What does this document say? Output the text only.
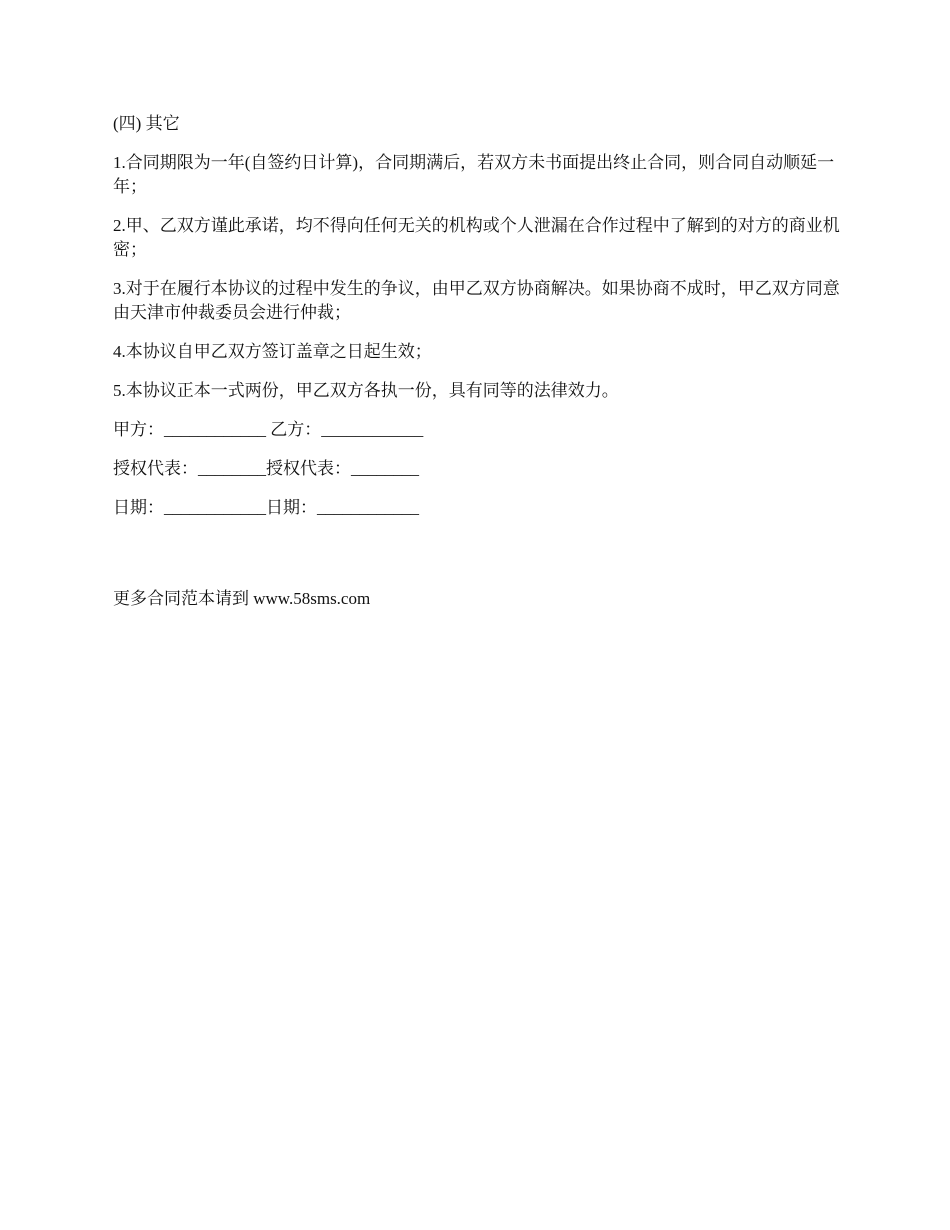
(四) 其它

1.合同期限为一年(自签约日计算)，合同期满后，若双方未书面提出终止合同，则合同自动顺延一年；

2.甲、乙双方谨此承诺，均不得向任何无关的机构或个人泄漏在合作过程中了解到的对方的商业机密；

3.对于在履行本协议的过程中发生的争议，由甲乙双方协商解决。如果协商不成时，甲乙双方同意由天津市仲裁委员会进行仲裁；

4.本协议自甲乙双方签订盖章之日起生效；

5.本协议正本一式两份，甲乙双方各执一份，具有同等的法律效力。

甲方：____________ 乙方：____________
授权代表：________授权代表：________
日期：____________日期：____________
更多合同范本请到 www.58sms.com
